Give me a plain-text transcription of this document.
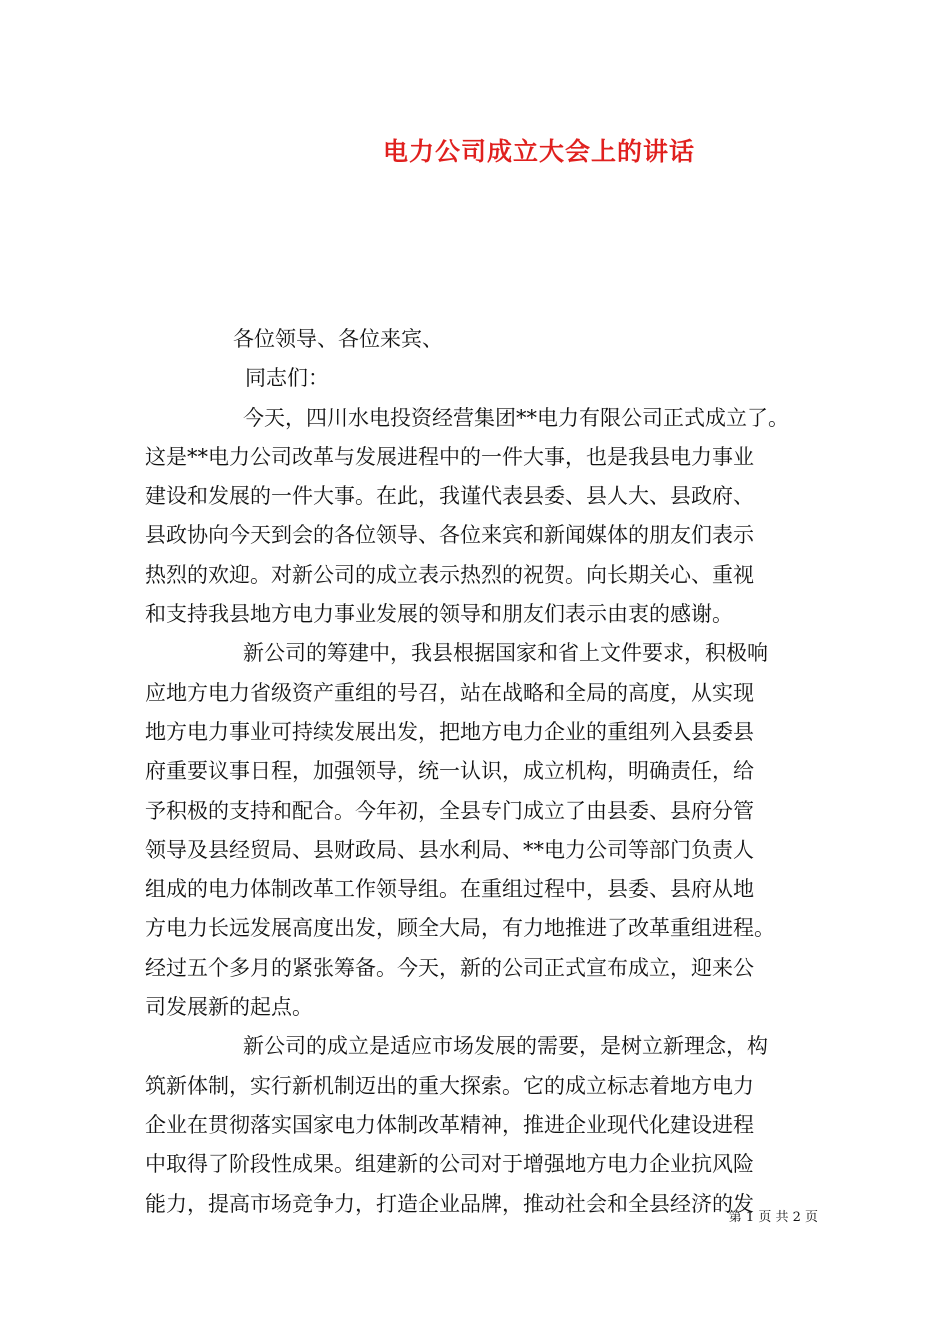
电力公司成立大会上的讲话
各位领导、各位来宾、
同志们：
今天，四川水电投资经营集团**电力有限公司正式成立了。
这是**电力公司改革与发展进程中的一件大事，也是我县电力事业
建设和发展的一件大事。在此，我谨代表县委、县人大、县政府、
县政协向今天到会的各位领导、各位来宾和新闻媒体的朋友们表示
热烈的欢迎。对新公司的成立表示热烈的祝贺。向长期关心、重视
和支持我县地方电力事业发展的领导和朋友们表示由衷的感谢。
新公司的筹建中，我县根据国家和省上文件要求，积极响
应地方电力省级资产重组的号召，站在战略和全局的高度，从实现
地方电力事业可持续发展出发，把地方电力企业的重组列入县委县
府重要议事日程，加强领导，统一认识，成立机构，明确责任，给
予积极的支持和配合。今年初，全县专门成立了由县委、县府分管
领导及县经贸局、县财政局、县水利局、**电力公司等部门负责人
组成的电力体制改革工作领导组。在重组过程中，县委、县府从地
方电力长远发展高度出发，顾全大局，有力地推进了改革重组进程。
经过五个多月的紧张筹备。今天，新的公司正式宣布成立，迎来公
司发展新的起点。
新公司的成立是适应市场发展的需要，是树立新理念，构
筑新体制，实行新机制迈出的重大探索。它的成立标志着地方电力
企业在贯彻落实国家电力体制改革精神，推进企业现代化建设进程
中取得了阶段性成果。组建新的公司对于增强地方电力企业抗风险
能力，提高市场竞争力，打造企业品牌，推动社会和全县经济的发
第 1 页 共 2 页
